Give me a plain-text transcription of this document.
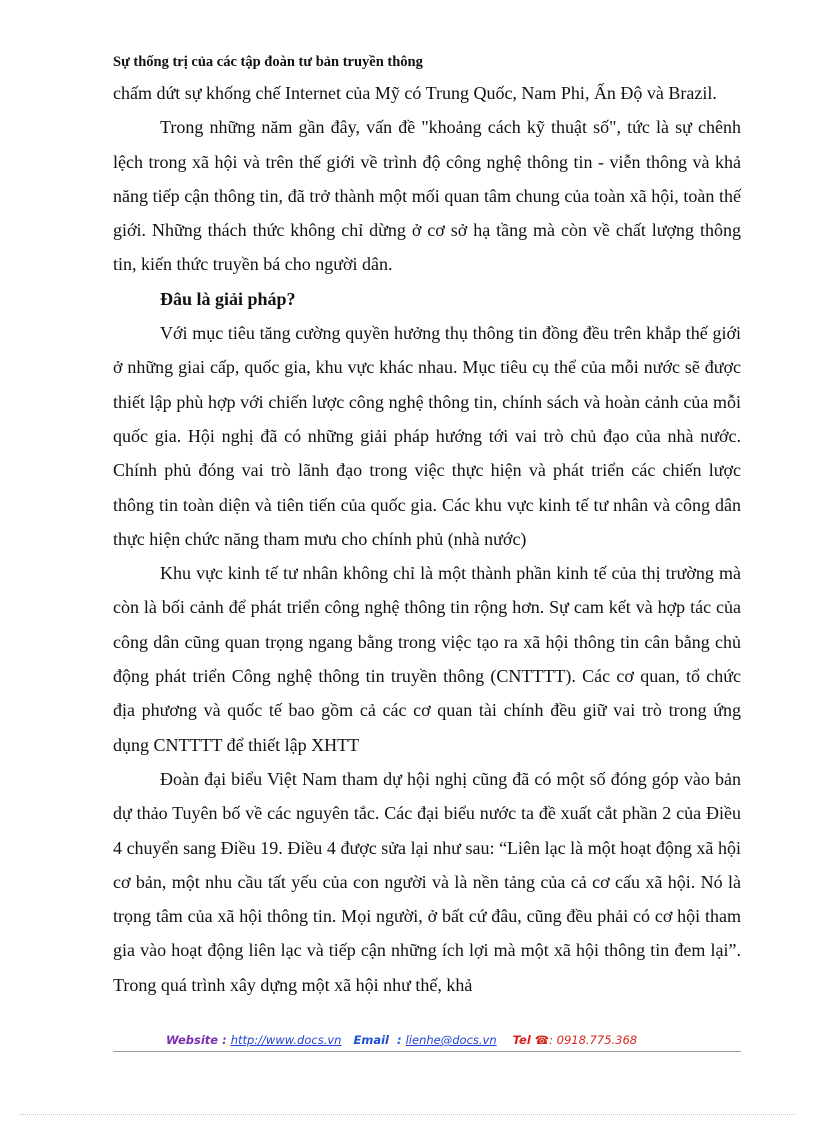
Sự thống trị của các tập đoàn tư bản truyền thông

chấm dứt sự khống chế Internet của Mỹ có Trung Quốc, Nam Phi, Ấn Độ và Brazil.

Trong những năm gần đây, vấn đề "khoảng cách kỹ thuật số", tức là sự chênh lệch trong xã hội và trên thế giới về trình độ công nghệ thông tin - viễn thông và khả năng tiếp cận thông tin, đã trở thành một mối quan tâm chung của toàn xã hội, toàn thế giới. Những thách thức không chỉ dừng ở cơ sở hạ tầng mà còn về chất lượng thông tin, kiến thức truyền bá cho người dân.

Đâu là giải pháp?

Với mục tiêu tăng cường quyền hưởng thụ thông tin đồng đều trên khắp thế giới ở những giai cấp, quốc gia, khu vực khác nhau. Mục tiêu cụ thể của mỗi nước sẽ được thiết lập phù hợp với chiến lược công nghệ thông tin, chính sách và hoàn cảnh của mỗi quốc gia. Hội nghị đã có những giải pháp hướng tới vai trò chủ đạo của nhà nước. Chính phủ đóng vai trò lãnh đạo trong việc thực hiện và phát triển các chiến lược thông tin toàn diện và tiên tiến của quốc gia. Các khu vực kinh tế tư nhân và công dân thực hiện chức năng tham mưu cho chính phủ (nhà nước)

Khu vực kinh tế tư nhân không chỉ là một thành phần kinh tế của thị trường mà còn là bối cảnh để phát triển công nghệ thông tin rộng hơn. Sự cam kết và hợp tác của công dân cũng quan trọng ngang bằng trong việc tạo ra xã hội thông tin cân bằng chủ động phát triển Công nghệ thông tin truyền thông (CNTTTT). Các cơ quan, tổ chức địa phương và quốc tế bao gồm cả các cơ quan tài chính đều giữ vai trò trong ứng dụng CNTTTT để thiết lập XHTT

Đoàn đại biểu Việt Nam tham dự hội nghị cũng đã có một số đóng góp vào bản dự thảo Tuyên bố về các nguyên tắc. Các đại biểu nước ta đề xuất cắt phần 2 của Điều 4 chuyển sang Điều 19. Điều 4 được sửa lại như sau: “Liên lạc là một hoạt động xã hội cơ bản, một nhu cầu tất yếu của con người và là nền tảng của cả cơ cấu xã hội. Nó là trọng tâm của xã hội thông tin. Mọi người, ở bất cứ đâu, cũng đều phải có cơ hội tham gia vào hoạt động liên lạc và tiếp cận những ích lợi mà một xã hội thông tin đem lại”. Trong quá trình xây dựng một xã hội như thế, khả

Website : http://www.docs.vn Email : lienhe@docs.vn Tel ☎: 0918.775.368
